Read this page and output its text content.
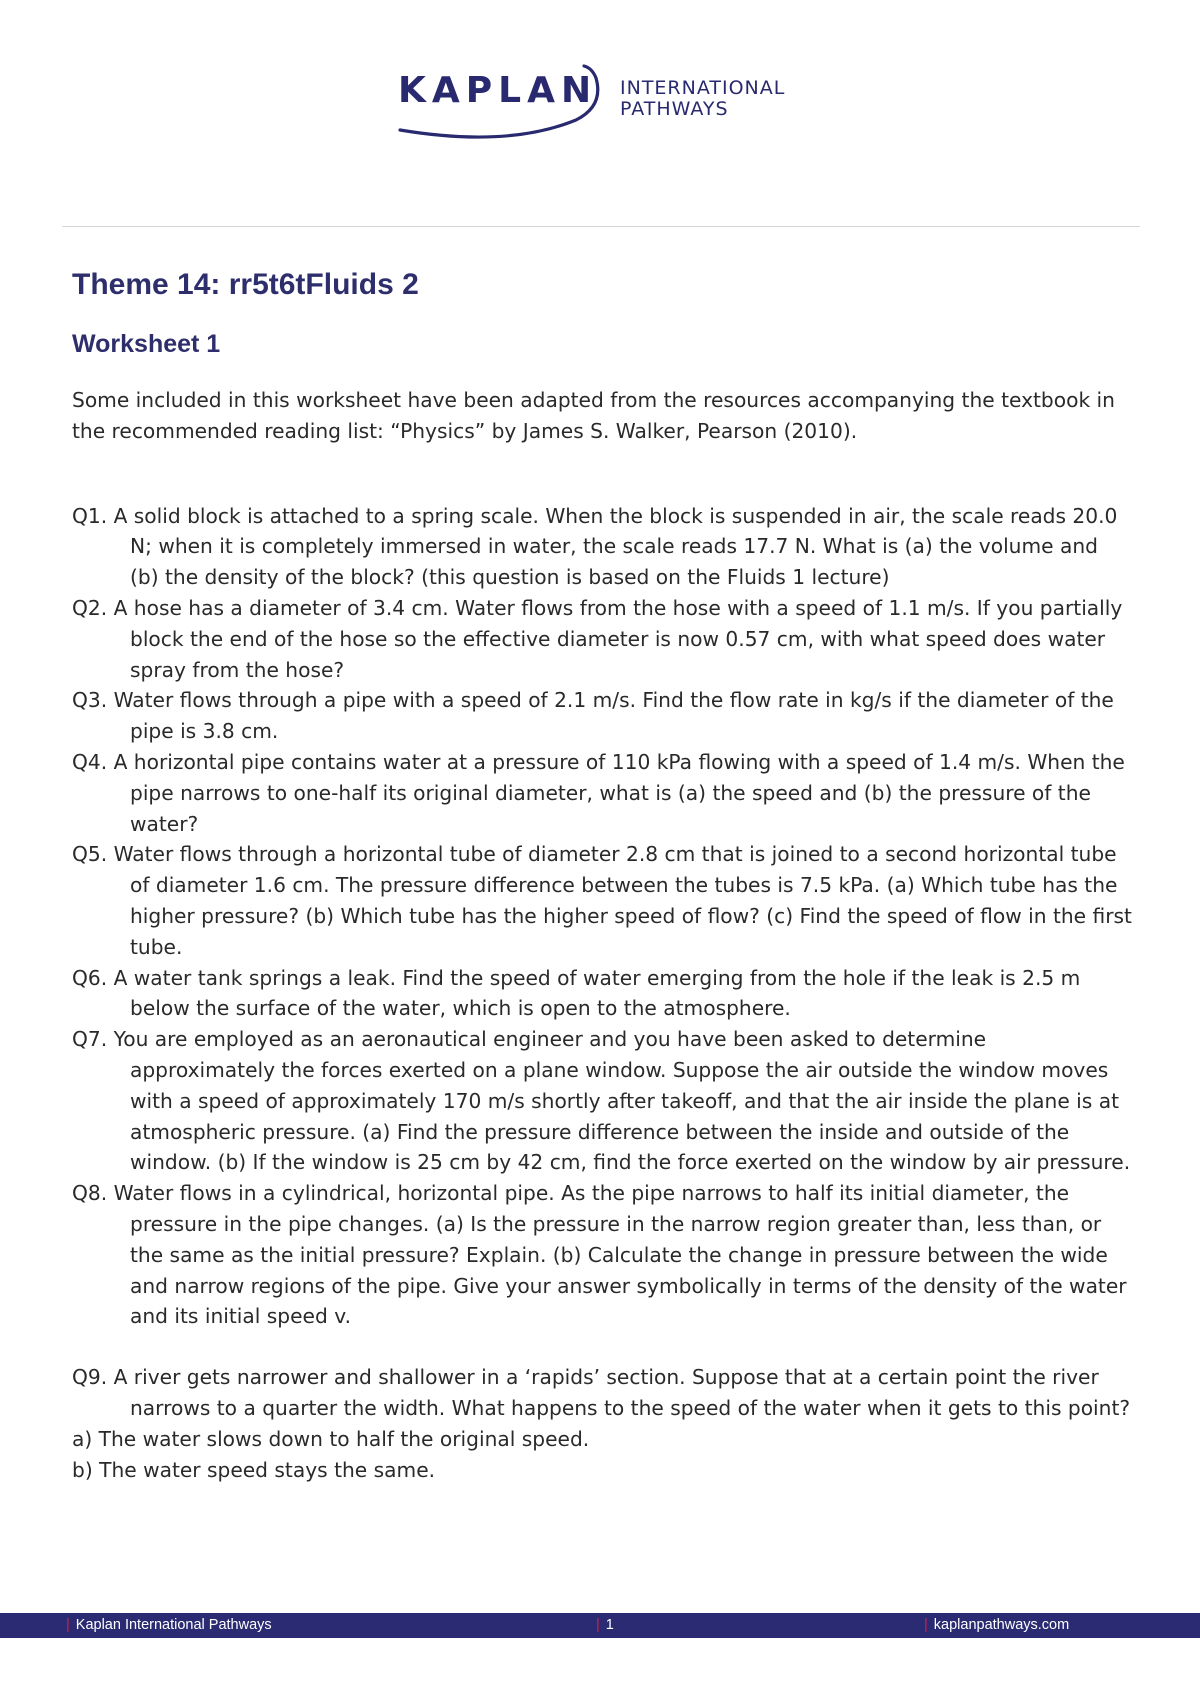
KAPLAN INTERNATIONAL
PATHWAYS
Theme 14: rr5t6tFluids 2
Worksheet 1

Some included in this worksheet have been adapted from the resources accompanying the textbook in the recommended reading list: “Physics” by James S. Walker, Pearson (2010).

Q1. A solid block is attached to a spring scale. When the block is suspended in air, the scale reads 20.0 N; when it is completely immersed in water, the scale reads 17.7 N. What is (a) the volume and (b) the density of the block? (this question is based on the Fluids 1 lecture)

Q2. A hose has a diameter of 3.4 cm. Water flows from the hose with a speed of 1.1 m/s. If you partially block the end of the hose so the effective diameter is now 0.57 cm, with what speed does water spray from the hose?

Q3. Water flows through a pipe with a speed of 2.1 m/s. Find the flow rate in kg/s if the diameter of the pipe is 3.8 cm.

Q4. A horizontal pipe contains water at a pressure of 110 kPa flowing with a speed of 1.4 m/s. When the pipe narrows to one-half its original diameter, what is (a) the speed and (b) the pressure of the water?

Q5. Water flows through a horizontal tube of diameter 2.8 cm that is joined to a second horizontal tube of diameter 1.6 cm. The pressure difference between the tubes is 7.5 kPa. (a) Which tube has the higher pressure? (b) Which tube has the higher speed of flow? (c) Find the speed of flow in the first tube.

Q6. A water tank springs a leak. Find the speed of water emerging from the hole if the leak is 2.5 m below the surface of the water, which is open to the atmosphere.

Q7. You are employed as an aeronautical engineer and you have been asked to determine approximately the forces exerted on a plane window. Suppose the air outside the window moves with a speed of approximately 170 m/s shortly after takeoff, and that the air inside the plane is at atmospheric pressure. (a) Find the pressure difference between the inside and outside of the window. (b) If the window is 25 cm by 42 cm, find the force exerted on the window by air pressure.

Q8. Water flows in a cylindrical, horizontal pipe. As the pipe narrows to half its initial diameter, the pressure in the pipe changes. (a) Is the pressure in the narrow region greater than, less than, or the same as the initial pressure? Explain. (b) Calculate the change in pressure between the wide and narrow regions of the pipe. Give your answer symbolically in terms of the density of the water and its initial speed v.

Q9. A river gets narrower and shallower in a ‘rapids’ section. Suppose that at a certain point the river narrows to a quarter the width. What happens to the speed of the water when it gets to this point?

a) The water slows down to half the original speed.

b) The water speed stays the same.

| Kaplan International Pathways	| 1	| kaplanpathways.com
